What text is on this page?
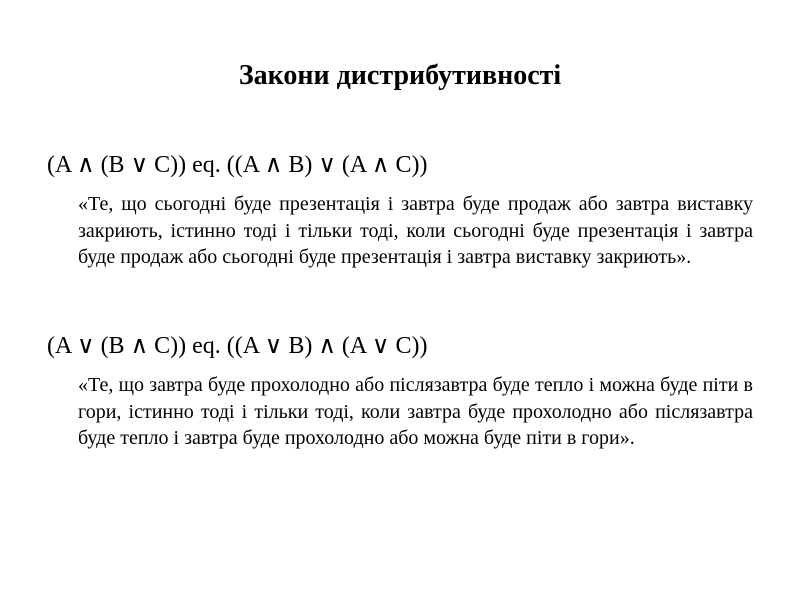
Закони дистрибутивності

(A ∧ (B ∨ C)) eq. ((A ∧ B) ∨ (A ∧ C))

«Те, що сьогодні буде презентація і завтра буде продаж або завтра виставку закриють, істинно тоді і тільки тоді, коли сьогодні буде презентація і завтра буде продаж або сьогодні буде презентація і завтра виставку закриють».

(A ∨ (B ∧ C)) eq. ((A ∨ B) ∧ (A ∨ C))

«Те, що завтра буде прохолодно або післязавтра буде тепло і можна буде піти в гори, істинно тоді і тільки тоді, коли завтра буде прохолодно або післязавтра буде тепло і завтра буде прохолодно або можна буде піти в гори».
